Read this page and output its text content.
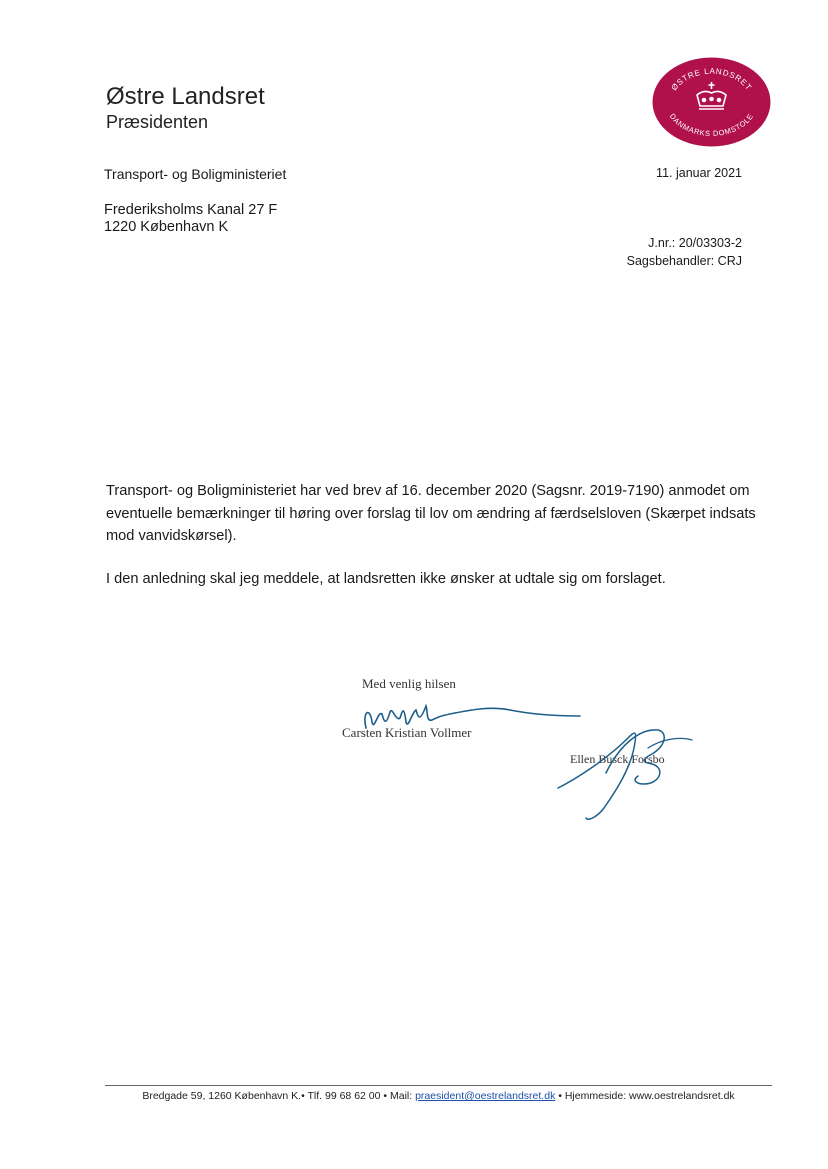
Østre Landsret
Præsidenten
ØSTRE LANDSRET
DANMARKS DOMSTOLE
Transport- og Boligministeriet
Frederiksholms Kanal 27 F
1220 København K
11. januar 2021
J.nr.: 20/03303-2
Sagsbehandler: CRJ

Transport- og Boligministeriet har ved brev af 16. december 2020 (Sagsnr. 2019-7190) anmodet om eventuelle bemærkninger til høring over forslag til lov om ændring af færdselsloven (Skærpet indsats mod vanvidskørsel).

I den anledning skal jeg meddele, at landsretten ikke ønsker at udtale sig om forslaget.

Med venlig hilsen
Carsten Kristian Vollmer
Ellen Busck Forsbo
Bredgade 59, 1260 København K.• Tlf. 99 68 62 00 • Mail: praesident@oestrelandsret.dk • Hjemmeside: www.oestrelandsret.dk
